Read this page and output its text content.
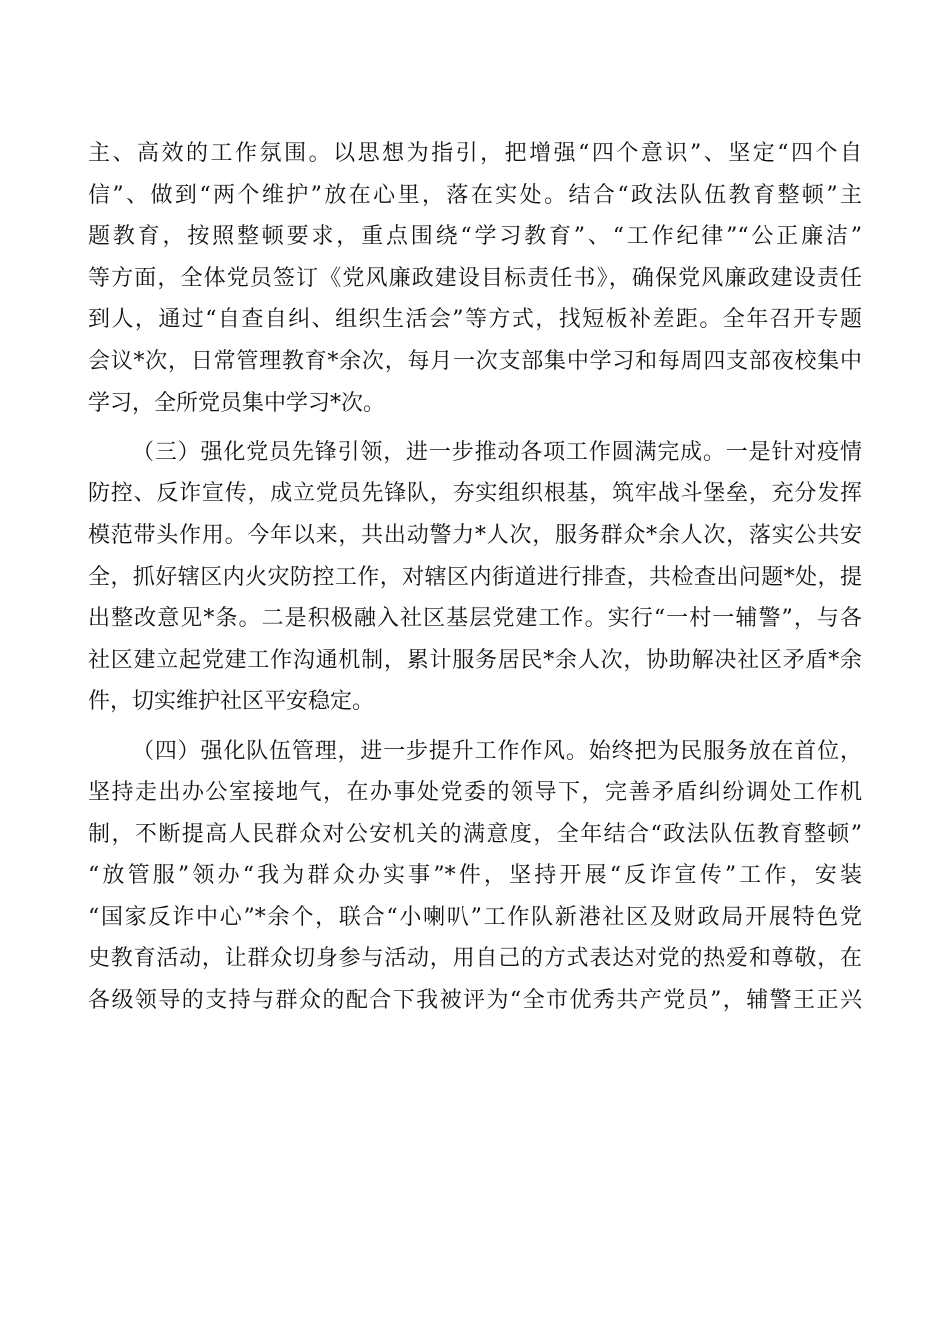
主、高效的工作氛围。以思想为指引，把增强“四个意识”、坚定“四个自
信”、做到“两个维护”放在心里，落在实处。结合“政法队伍教育整顿”主
题教育，按照整顿要求，重点围绕“学习教育”、“工作纪律”“公正廉洁”
等方面，全体党员签订《党风廉政建设目标责任书》，确保党风廉政建设责任
到人，通过“自查自纠、组织生活会”等方式，找短板补差距。全年召开专题
会议*次，日常管理教育*余次，每月一次支部集中学习和每周四支部夜校集中
学习，全所党员集中学习*次。
（三）强化党员先锋引领，进一步推动各项工作圆满完成。一是针对疫情
防控、反诈宣传，成立党员先锋队，夯实组织根基，筑牢战斗堡垒，充分发挥
模范带头作用。今年以来，共出动警力*人次，服务群众*余人次，落实公共安
全，抓好辖区内火灾防控工作，对辖区内街道进行排查，共检查出问题*处，提
出整改意见*条。二是积极融入社区基层党建工作。实行“一村一辅警”，与各
社区建立起党建工作沟通机制，累计服务居民*余人次，协助解决社区矛盾*余
件，切实维护社区平安稳定。
（四）强化队伍管理，进一步提升工作作风。始终把为民服务放在首位，
坚持走出办公室接地气，在办事处党委的领导下，完善矛盾纠纷调处工作机
制，不断提高人民群众对公安机关的满意度，全年结合“政法队伍教育整顿”
“放管服”领办“我为群众办实事”*件，坚持开展“反诈宣传”工作，安装
“国家反诈中心”*余个，联合“小喇叭”工作队新港社区及财政局开展特色党
史教育活动，让群众切身参与活动，用自己的方式表达对党的热爱和尊敬，在
各级领导的支持与群众的配合下我被评为“全市优秀共产党员”，辅警王正兴
